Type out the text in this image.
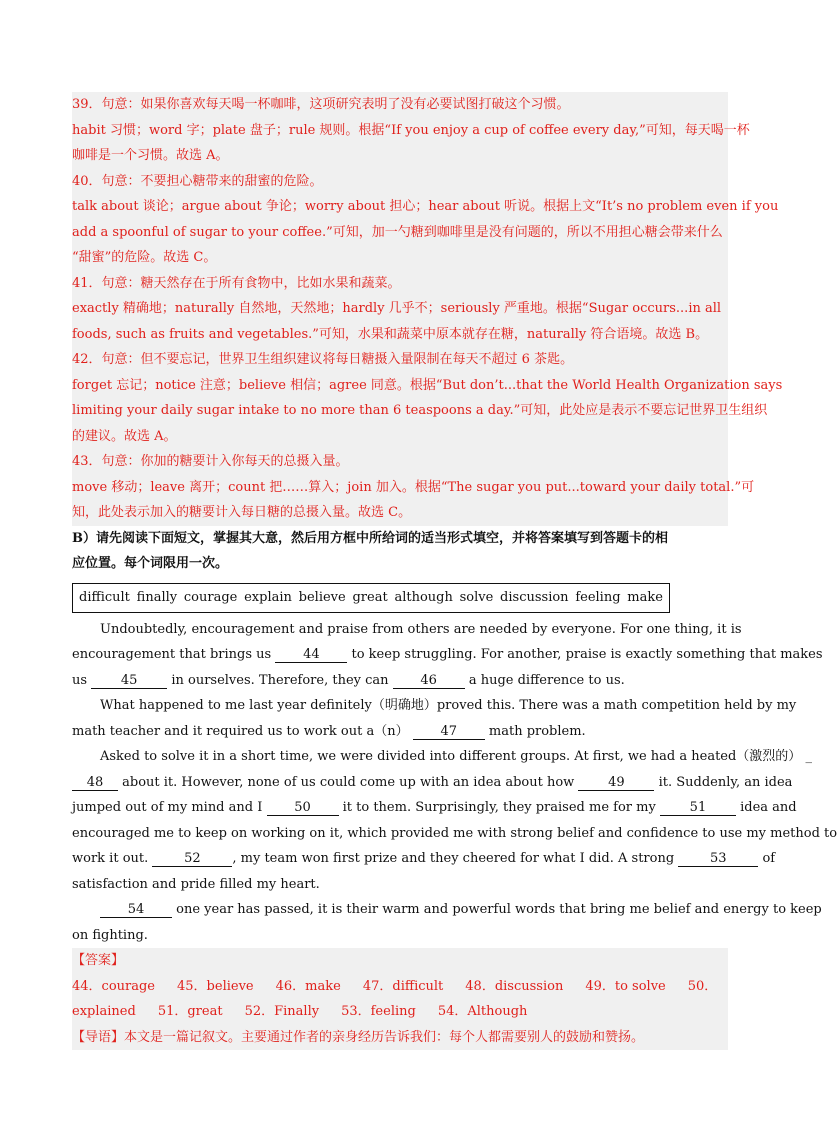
39．句意：如果你喜欢每天喝一杯咖啡，这项研究表明了没有必要试图打破这个习惯。
habit 习惯；word 字；plate 盘子；rule 规则。根据“If you enjoy a cup of coffee every day,”可知，每天喝一杯
咖啡是一个习惯。故选 A。
40．句意：不要担心糖带来的甜蜜的危险。
talk about 谈论；argue about 争论；worry about 担心；hear about 听说。根据上文“It’s no problem even if you
add a spoonful of sugar to your coffee.”可知，加一勺糖到咖啡里是没有问题的，所以不用担心糖会带来什么
“甜蜜”的危险。故选 C。
41．句意：糖天然存在于所有食物中，比如水果和蔬菜。
exactly 精确地；naturally 自然地，天然地；hardly 几乎不；seriously 严重地。根据“Sugar occurs...in all
foods, such as fruits and vegetables.”可知，水果和蔬菜中原本就存在糖，naturally 符合语境。故选 B。
42．句意：但不要忘记，世界卫生组织建议将每日糖摄入量限制在每天不超过 6 茶匙。
forget 忘记；notice 注意；believe 相信；agree 同意。根据“But don’t...that the World Health Organization says
limiting your daily sugar intake to no more than 6 teaspoons a day.”可知，此处应是表示不要忘记世界卫生组织
的建议。故选 A。
43．句意：你加的糖要计入你每天的总摄入量。
move 移动；leave 离开；count 把……算入；join 加入。根据“The sugar you put...toward your daily total.”可
知，此处表示加入的糖要计入每日糖的总摄入量。故选 C。
B）请先阅读下面短文，掌握其大意，然后用方框中所给词的适当形式填空，并将答案填写到答题卡的相
应位置。每个词限用一次。
difficult finally courage explain believe great although solve discussion feeling make
Undoubtedly, encouragement and praise from others are needed by everyone. For one thing, it is
encouragement that brings us 44 to keep struggling. For another, praise is exactly something that makes
us	45	in ourselves. Therefore, they can 46 a huge difference to us.
What happened to me last year definitely（明确地）proved this. There was a math competition held by my
math teacher and it required us to work out a（n） 47 math problem.
Asked to solve it in a short time, we were divided into different groups. At first, we had a heated（激烈的） _
48 about it. However, none of us could come up with an idea about how	49	it. Suddenly, an idea
jumped out of my mind and I 50 it to them. Surprisingly, they praised me for my	51	idea and
encouraged me to keep on working on it, which provided me with strong belief and confidence to use my method to
work it out.	52 , my team won first prize and they cheered for what I did. A strong	53	of
satisfaction and pride filled my heart.
54 one year has passed, it is their warm and powerful words that bring me belief and energy to keep
on fighting.
【答案】
44．courage 45．believe 46．make 47．difficult 48．discussion 49．to solve 50．
explained 51．great 52．Finally 53．feeling 54．Although
【导语】本文是一篇记叙文。主要通过作者的亲身经历告诉我们：每个人都需要别人的鼓励和赞扬。
